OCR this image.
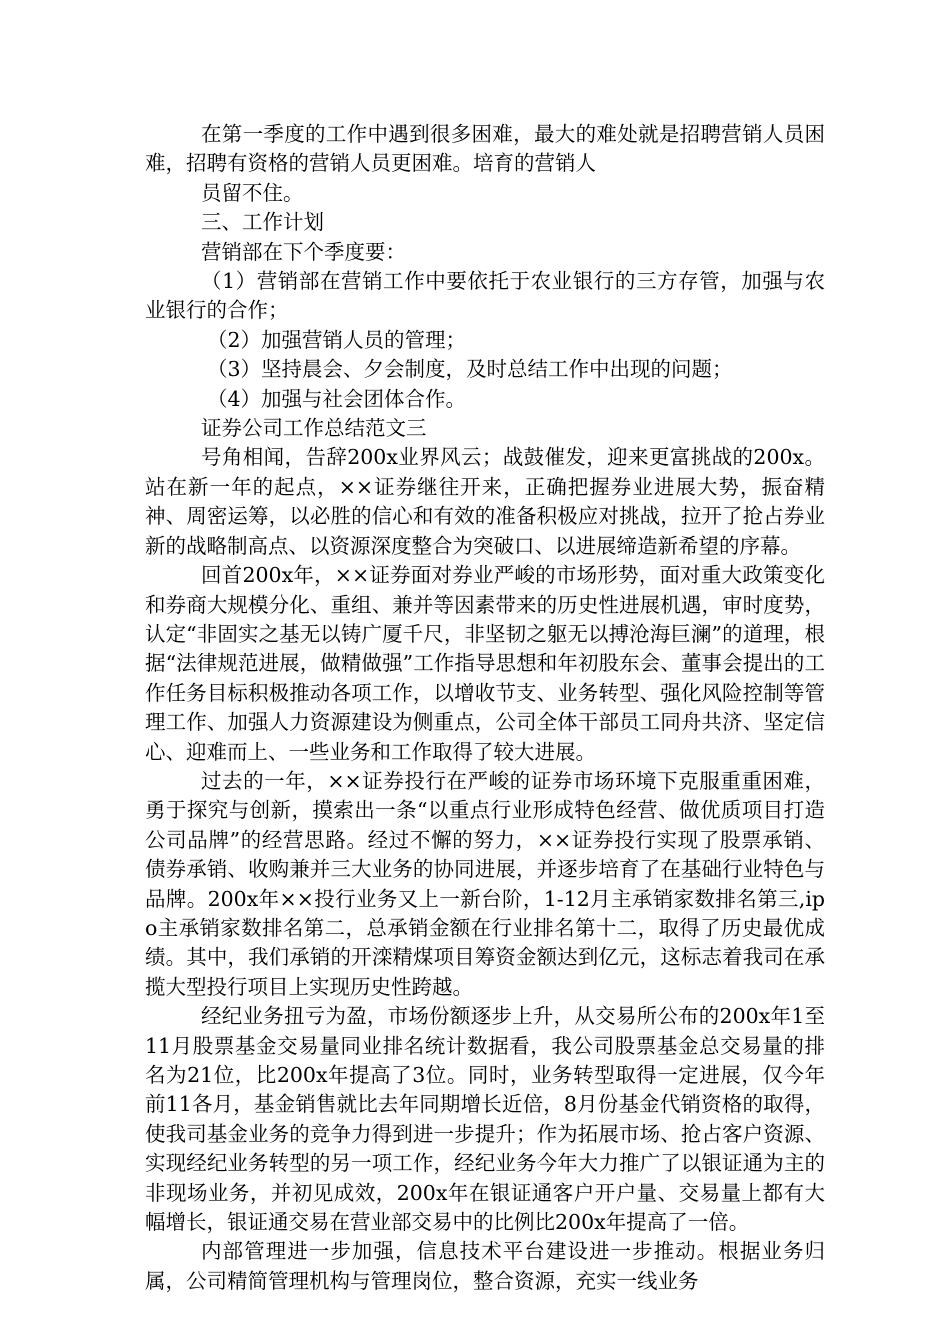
在第一季度的工作中遇到很多困难，最大的难处就是招聘营销人员困难，招聘有资格的营销人员更困难。培育的营销人

员留不住。

三、工作计划

营销部在下个季度要：

（1）营销部在营销工作中要依托于农业银行的三方存管，加强与农业银行的合作；

（2）加强营销人员的管理；

（3）坚持晨会、夕会制度，及时总结工作中出现的问题；

（4）加强与社会团体合作。

证券公司工作总结范文三

号角相闻，告辞200x业界风云；战鼓催发，迎来更富挑战的200x。站在新一年的起点，××证券继往开来，正确把握券业进展大势，振奋精神、周密运筹，以必胜的信心和有效的准备积极应对挑战，拉开了抢占券业新的战略制高点、以资源深度整合为突破口、以进展缔造新希望的序幕。

回首200x年，××证券面对券业严峻的市场形势，面对重大政策变化和券商大规模分化、重组、兼并等因素带来的历史性进展机遇，审时度势，认定“非固实之基无以铸广厦千尺，非坚韧之躯无以搏沧海巨澜”的道理，根据“法律规范进展，做精做强”工作指导思想和年初股东会、董事会提出的工作任务目标积极推动各项工作，以增收节支、业务转型、强化风险控制等管理工作、加强人力资源建设为侧重点，公司全体干部员工同舟共济、坚定信心、迎难而上、一些业务和工作取得了较大进展。

过去的一年，××证券投行在严峻的证券市场环境下克服重重困难，勇于探究与创新，摸索出一条“以重点行业形成特色经营、做优质项目打造公司品牌”的经营思路。经过不懈的努力，××证券投行实现了股票承销、债券承销、收购兼并三大业务的协同进展，并逐步培育了在基础行业特色与品牌。200x年××投行业务又上一新台阶，1-12月主承销家数排名第三,ipo主承销家数排名第二，总承销金额在行业排名第十二，取得了历史最优成绩。其中，我们承销的开滦精煤项目筹资金额达到亿元，这标志着我司在承揽大型投行项目上实现历史性跨越。

经纪业务扭亏为盈，市场份额逐步上升，从交易所公布的200x年1至11月股票基金交易量同业排名统计数据看，我公司股票基金总交易量的排名为21位，比200x年提高了3位。同时，业务转型取得一定进展，仅今年前11各月，基金销售就比去年同期增长近倍，8月份基金代销资格的取得，使我司基金业务的竞争力得到进一步提升；作为拓展市场、抢占客户资源、实现经纪业务转型的另一项工作，经纪业务今年大力推广了以银证通为主的非现场业务，并初见成效，200x年在银证通客户开户量、交易量上都有大幅增长，银证通交易在营业部交易中的比例比200x年提高了一倍。

内部管理进一步加强，信息技术平台建设进一步推动。根据业务归属，公司精简管理机构与管理岗位，整合资源，充实一线业务
